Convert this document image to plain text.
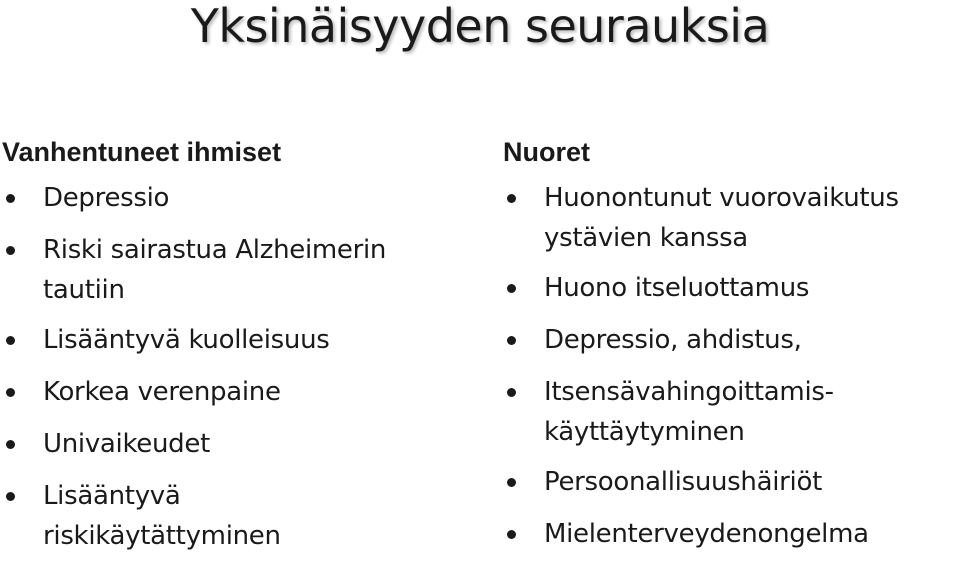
Yksinäisyyden seurauksia
Vanhentuneet ihmiset
Depressio
Riski sairastua Alzheimerin
tautiin
Lisääntyvä kuolleisuus
Korkea verenpaine
Univaikeudet
Lisääntyvä
riskikäytättyminen
Nuoret
Huonontunut vuorovaikutus
ystävien kanssa
Huono itseluottamus
Depressio, ahdistus,
Itsensävahingoittamis-
käyttäytyminen
Persoonallisuushäiriöt
Mielenterveydenongelma
